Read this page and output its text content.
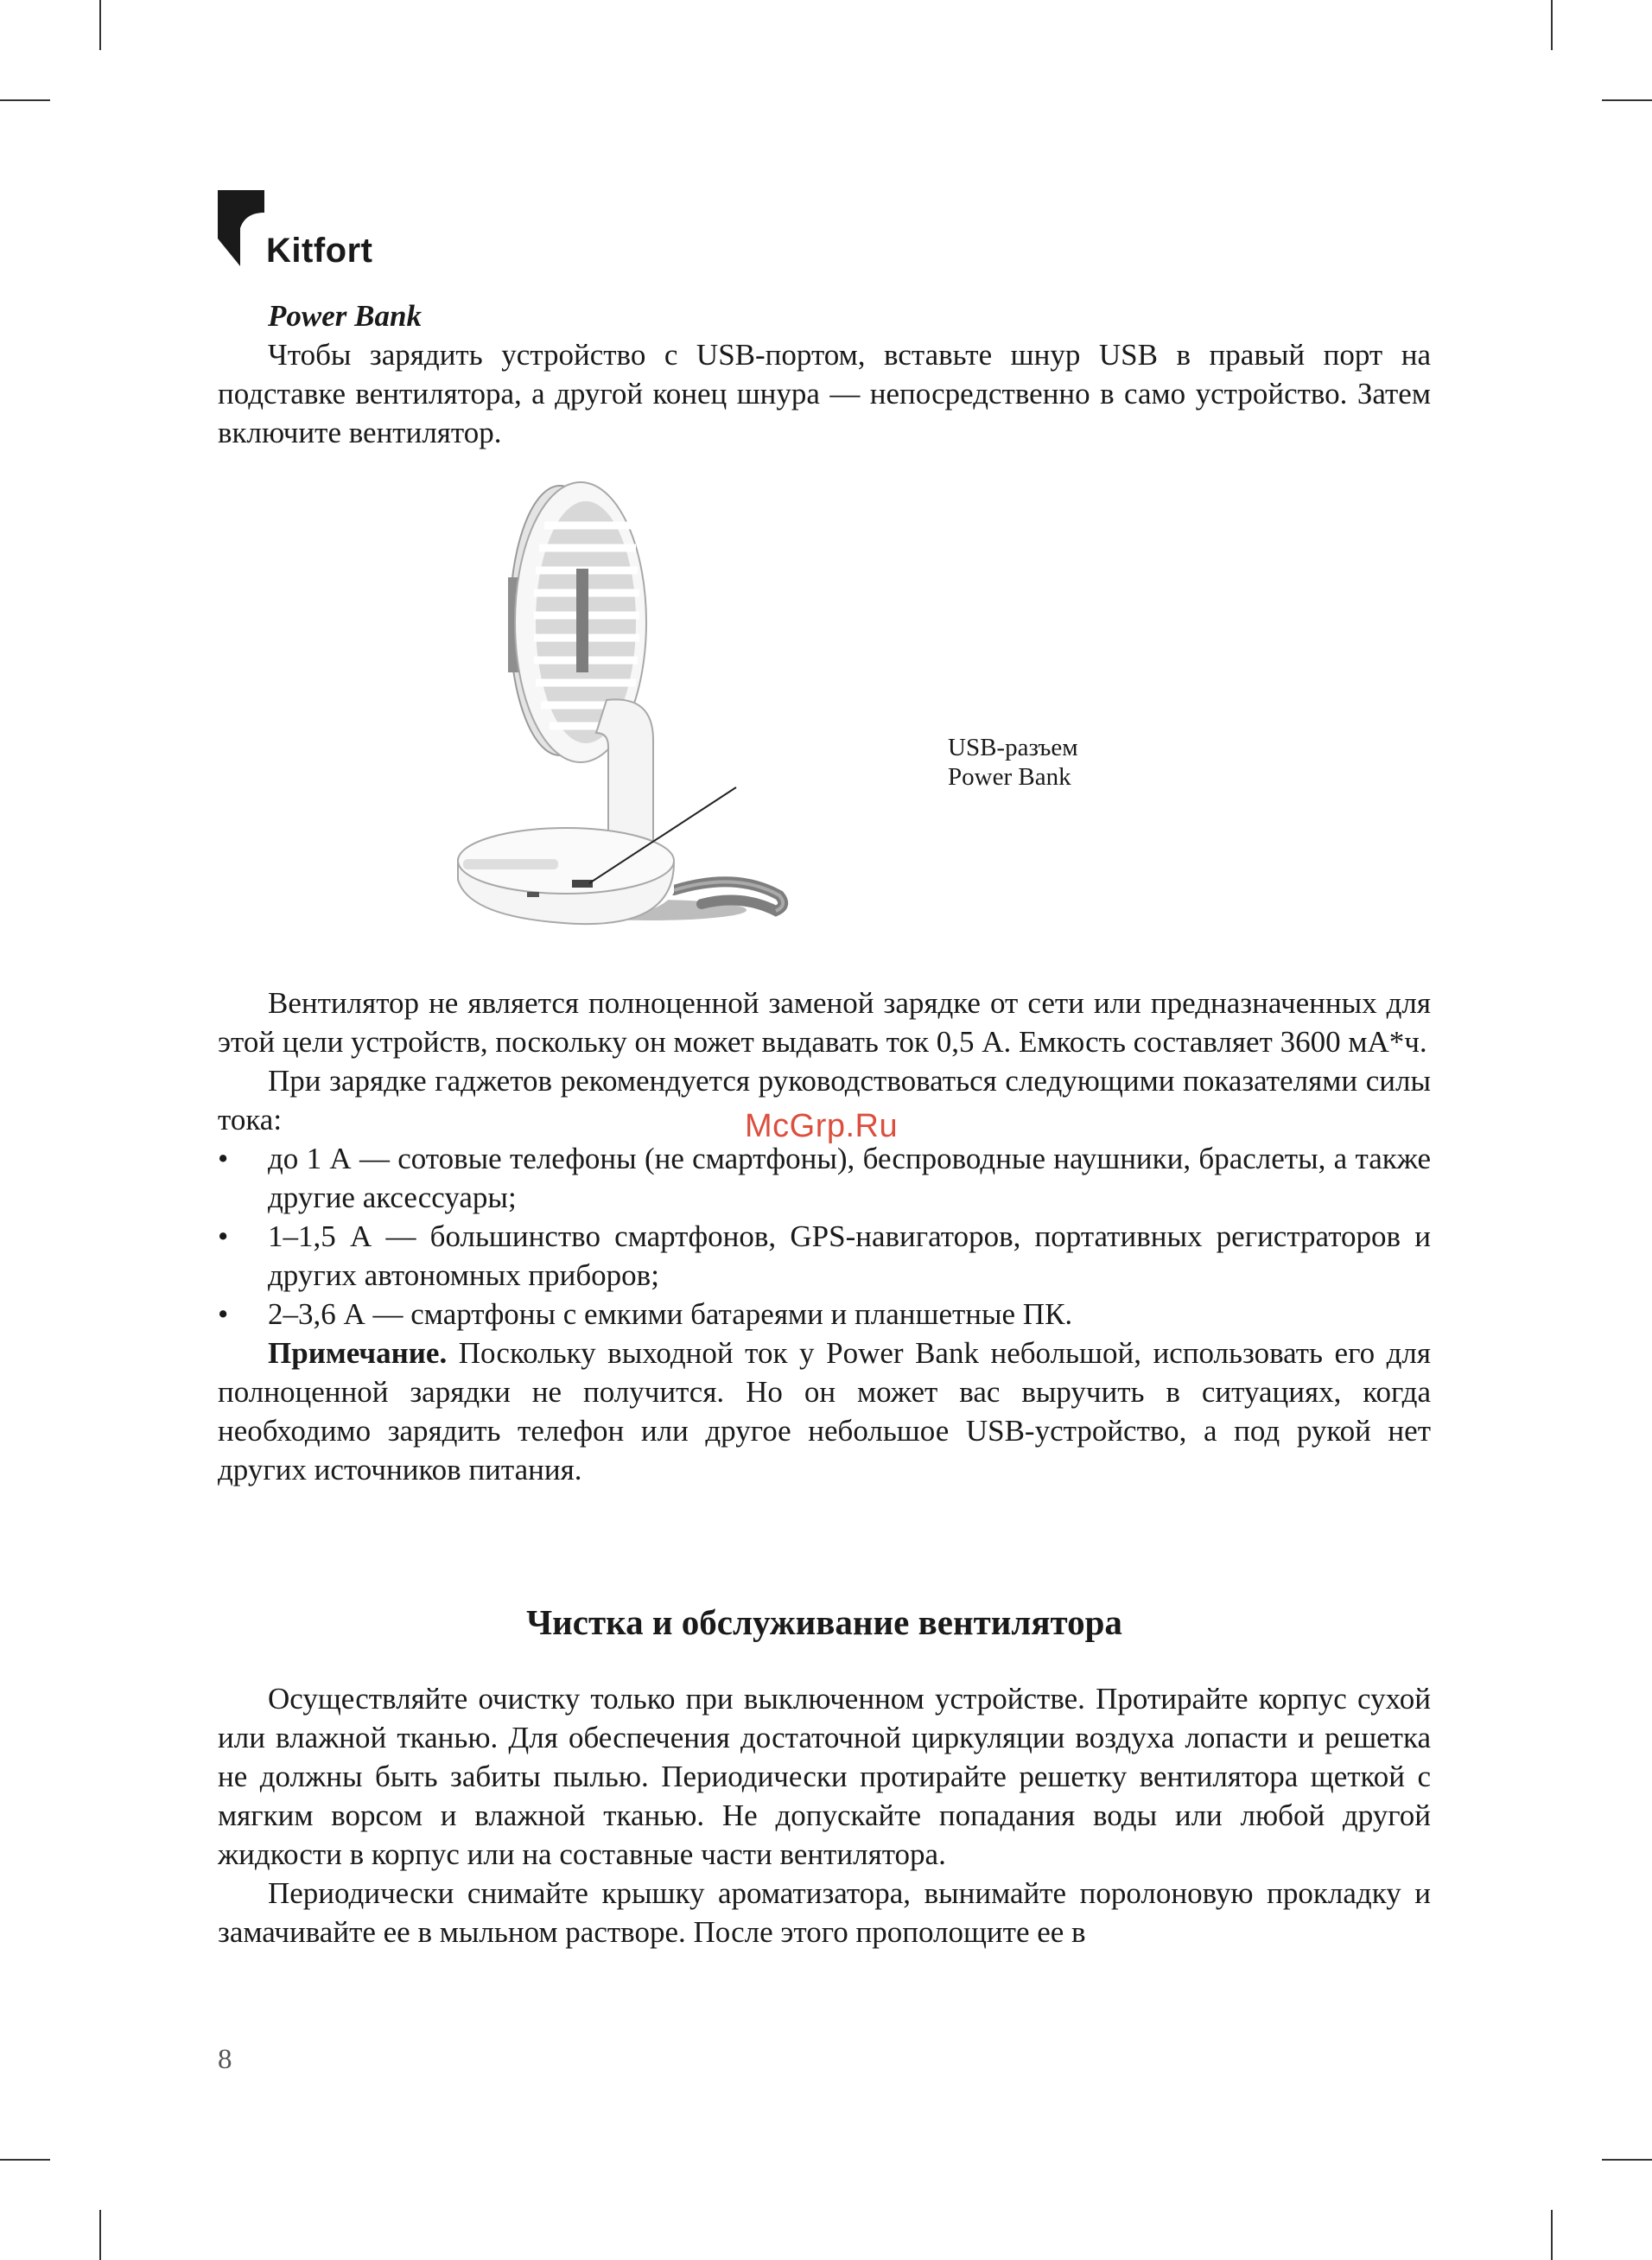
Kitfort

Power Bank

Чтобы зарядить устройство с USB-портом, вставьте шнур USB в правый порт на подставке вентилятора, а другой конец шнура — непосредственно в само устройство. Затем включите вентилятор.

USB-разъем
Power Bank

Вентилятор не является полноценной заменой зарядке от сети или предназначенных для этой цели устройств, поскольку он может выдавать ток 0,5 А. Емкость составляет 3600 мА*ч.

При зарядке гаджетов рекомендуется руководствоваться следующими показателями силы тока:

• до 1 А — сотовые телефоны (не смартфоны), беспроводные наушники, браслеты, а также другие аксессуары;
• 1–1,5 А — большинство смартфонов, GPS-навигаторов, портативных регистраторов и других автономных приборов;
• 2–3,6 А — смартфоны с емкими батареями и планшетные ПК.

Примечание. Поскольку выходной ток у Power Bank небольшой, использовать его для полноценной зарядки не получится. Но он может вас выручить в ситуациях, когда необходимо зарядить телефон или другое небольшое USB-устройство, а под рукой нет других источников питания.

Чистка и обслуживание вентилятора

Осуществляйте очистку только при выключенном устройстве. Протирайте корпус сухой или влажной тканью. Для обеспечения достаточной циркуляции воздуха лопасти и решетка не должны быть забиты пылью. Периодически протирайте решетку вентилятора щеткой с мягким ворсом и влажной тканью. Не допускайте попадания воды или любой другой жидкости в корпус или на составные части вентилятора.

Периодически снимайте крышку ароматизатора, вынимайте поролоновую прокладку и замачивайте ее в мыльном растворе. После этого прополощите ее в

McGrp.Ru
8
